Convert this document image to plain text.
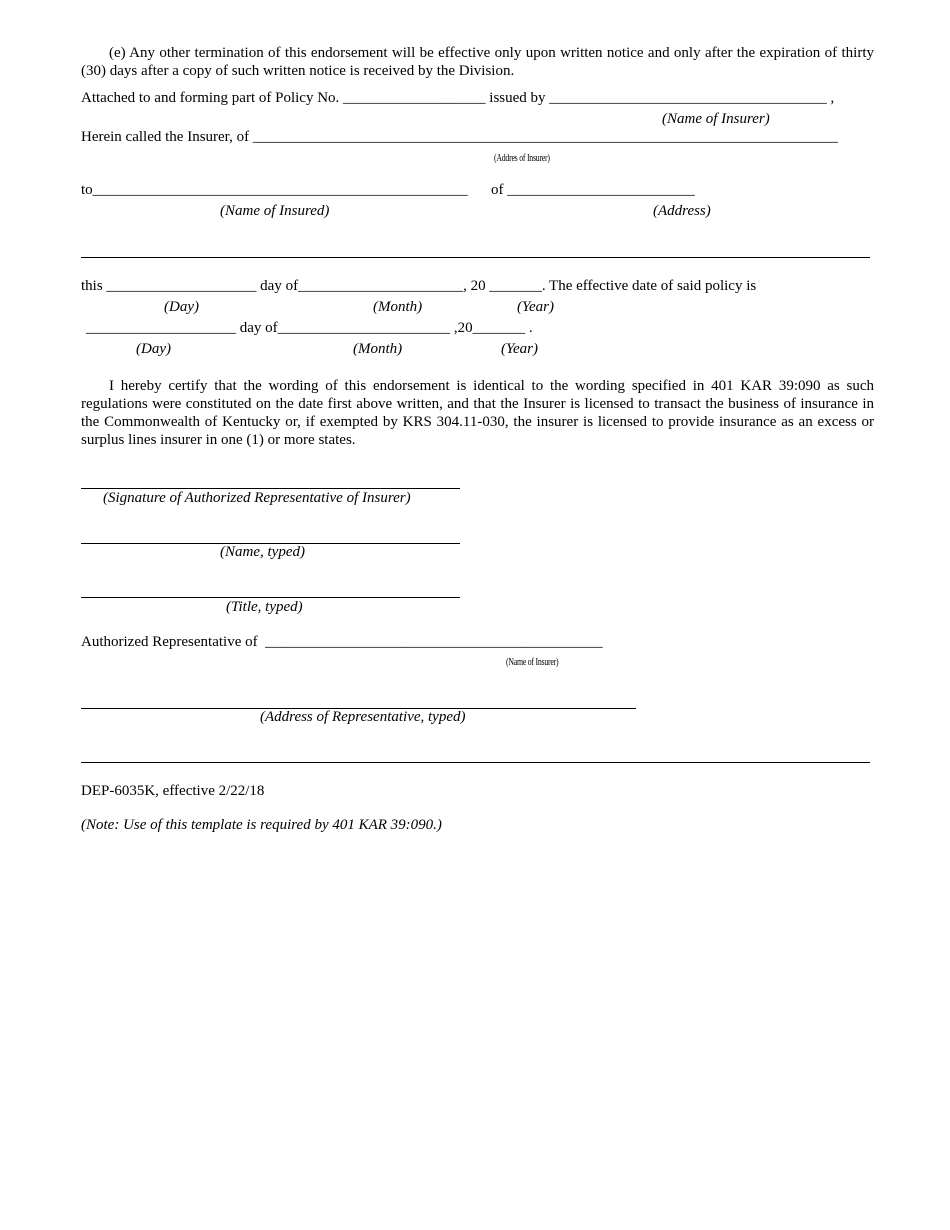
(e) Any other termination of this endorsement will be effective only upon written notice and only after the expiration of thirty (30) days after a copy of such written notice is received by the Division.
Attached to and forming part of Policy No. ___________________ issued by _____________________________________ ,
(Name of Insurer)
Herein called the Insurer, of ______________________________________________________________________________
(Addres of Insurer)
to__________________________________________________ of _________________________
(Name of Insured)	(Address)
this ____________________ day of______________________, 20 _______. The effective date of said policy is
(Day)	(Month)	(Year)
____________________ day of_______________________ ,20_______ .
(Day)	(Month)	(Year)
I hereby certify that the wording of this endorsement is identical to the wording specified in 401 KAR 39:090 as such regulations were constituted on the date first above written, and that the Insurer is licensed to transact the business of insurance in the Commonwealth of Kentucky or, if exempted by KRS 304.11-030, the insurer is licensed to provide insurance as an excess or surplus lines insurer in one (1) or more states.
(Signature of Authorized Representative of Insurer)
(Name, typed)
(Title, typed)
Authorized Representative of  _____________________________________________
(Name of Insurer)
(Address of Representative, typed)
DEP-6035K, effective 2/22/18
(Note: Use of this template is required by 401 KAR 39:090.)
